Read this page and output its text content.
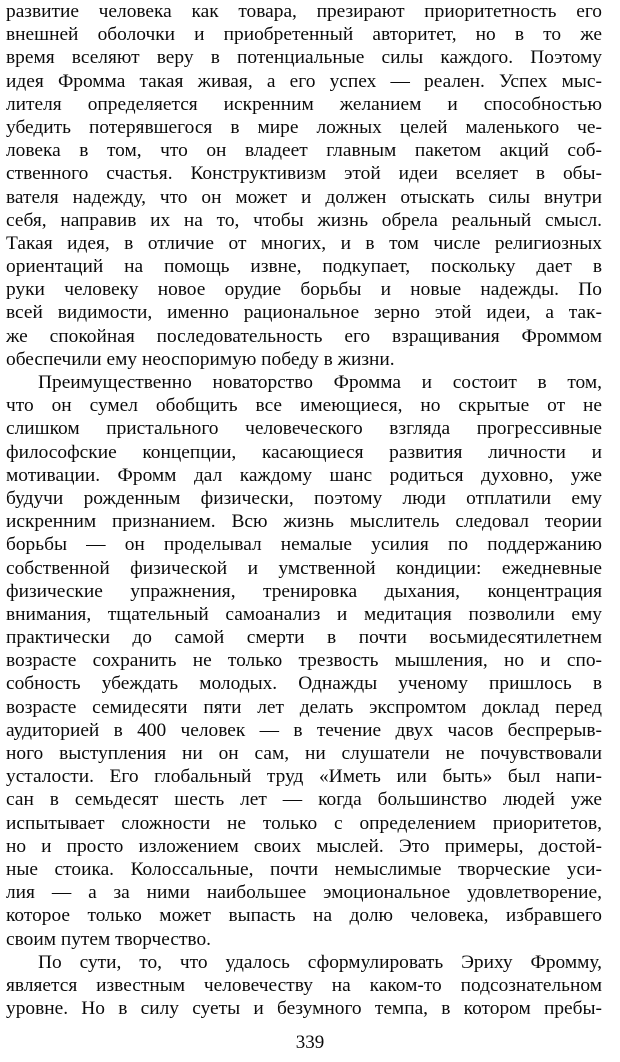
развитие человека как товара, презирают приоритетность его
внешней оболочки и приобретенный авторитет, но в то же
время вселяют веру в потенциальные силы каждого. Поэтому
идея Фромма такая живая, а его успех — реален. Успех мыс-
лителя определяется искренним желанием и способностью
убедить потерявшегося в мире ложных целей маленького че-
ловека в том, что он владеет главным пакетом акций соб-
ственного счастья. Конструктивизм этой идеи вселяет в обы-
вателя надежду, что он может и должен отыскать силы внутри
себя, направив их на то, чтобы жизнь обрела реальный смысл.
Такая идея, в отличие от многих, и в том числе религиозных
ориентаций на помощь извне, подкупает, поскольку дает в
руки человеку новое орудие борьбы и новые надежды. По
всей видимости, именно рациональное зерно этой идеи, а так-
же спокойная последовательность его взращивания Фроммом
обеспечили ему неоспоримую победу в жизни.
Преимущественно новаторство Фромма и состоит в том,
что он сумел обобщить все имеющиеся, но скрытые от не
слишком пристального человеческого взгляда прогрессивные
философские концепции, касающиеся развития личности и
мотивации. Фромм дал каждому шанс родиться духовно, уже
будучи рожденным физически, поэтому люди отплатили ему
искренним признанием. Всю жизнь мыслитель следовал теории
борьбы — он проделывал немалые усилия по поддержанию
собственной физической и умственной кондиции: ежедневные
физические упражнения, тренировка дыхания, концентрация
внимания, тщательный самоанализ и медитация позволили ему
практически до самой смерти в почти восьмидесятилетнем
возрасте сохранить не только трезвость мышления, но и спо-
собность убеждать молодых. Однажды ученому пришлось в
возрасте семидесяти пяти лет делать экспромтом доклад перед
аудиторией в 400 человек — в течение двух часов беспрерыв-
ного выступления ни он сам, ни слушатели не почувствовали
усталости. Его глобальный труд «Иметь или быть» был напи-
сан в семьдесят шесть лет — когда большинство людей уже
испытывает сложности не только с определением приоритетов,
но и просто изложением своих мыслей. Это примеры, достой-
ные стоика. Колоссальные, почти немыслимые творческие уси-
лия — а за ними наибольшее эмоциональное удовлетворение,
которое только может выпасть на долю человека, избравшего
своим путем творчество.
По сути, то, что удалось сформулировать Эриху Фромму,
является известным человечеству на каком-то подсознательном
уровне. Но в силу суеты и безумного темпа, в котором пребы-
339
